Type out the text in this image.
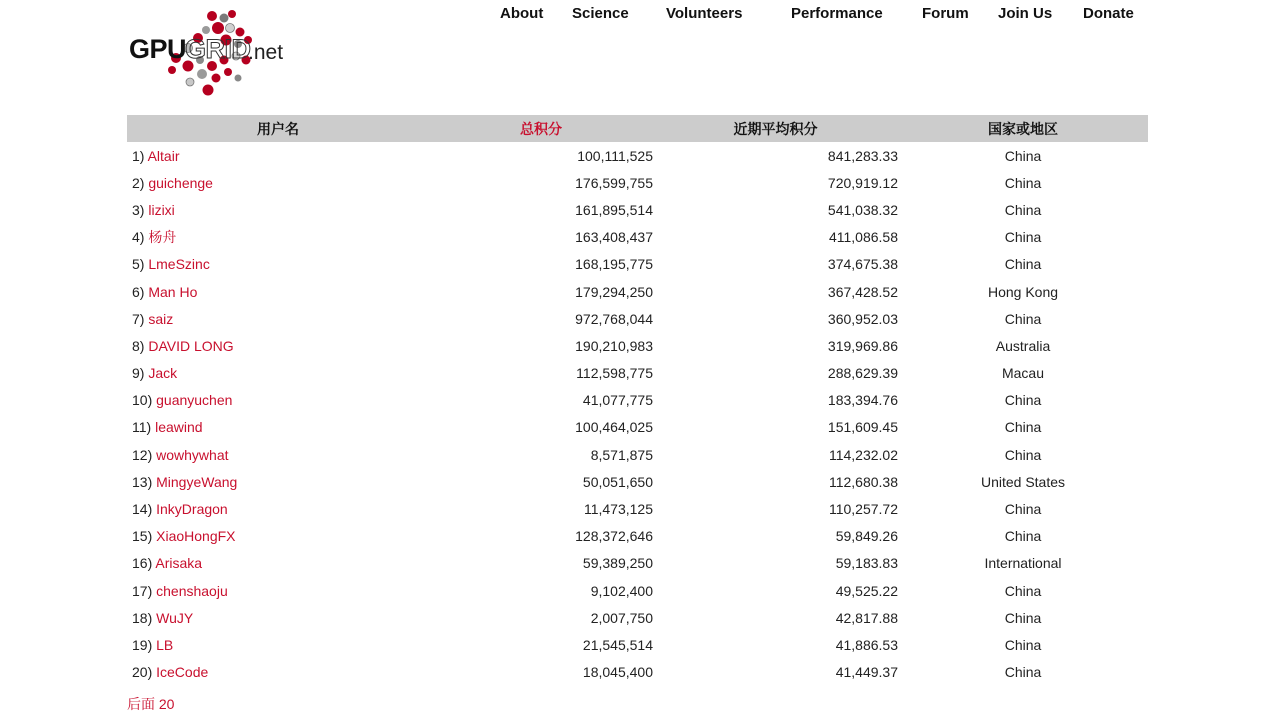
GPU
GRID
.net
About Science Volunteers	Performance	Forum Join Us Donate
用户名	总积分	近期平均积分	国家或地区
1) Altair	100,111,525	841,283.33	China
2) guichenge	176,599,755	720,919.12	China
3) lizixi	161,895,514	541,038.32	China
4) 杨舟	163,408,437	411,086.58	China
5) LmeSzinc	168,195,775	374,675.38	China
6) Man Ho	179,294,250	367,428.52	Hong Kong
7) saiz	972,768,044	360,952.03	China
8) DAVID LONG	190,210,983	319,969.86	Australia
9) Jack	112,598,775	288,629.39	Macau
10) guanyuchen	41,077,775	183,394.76	China
11) leawind	100,464,025	151,609.45	China
12) wowhywhat	8,571,875	114,232.02	China
13) MingyeWang	50,051,650	112,680.38	United States
14) InkyDragon	11,473,125	110,257.72	China
15) XiaoHongFX	128,372,646	59,849.26	China
16) Arisaka	59,389,250	59,183.83	International
17) chenshaoju	9,102,400	49,525.22	China
18) WuJY	2,007,750	42,817.88	China
19) LB	21,545,514	41,886.53	China
20) IceCode	18,045,400	41,449.37	China
后面 20
